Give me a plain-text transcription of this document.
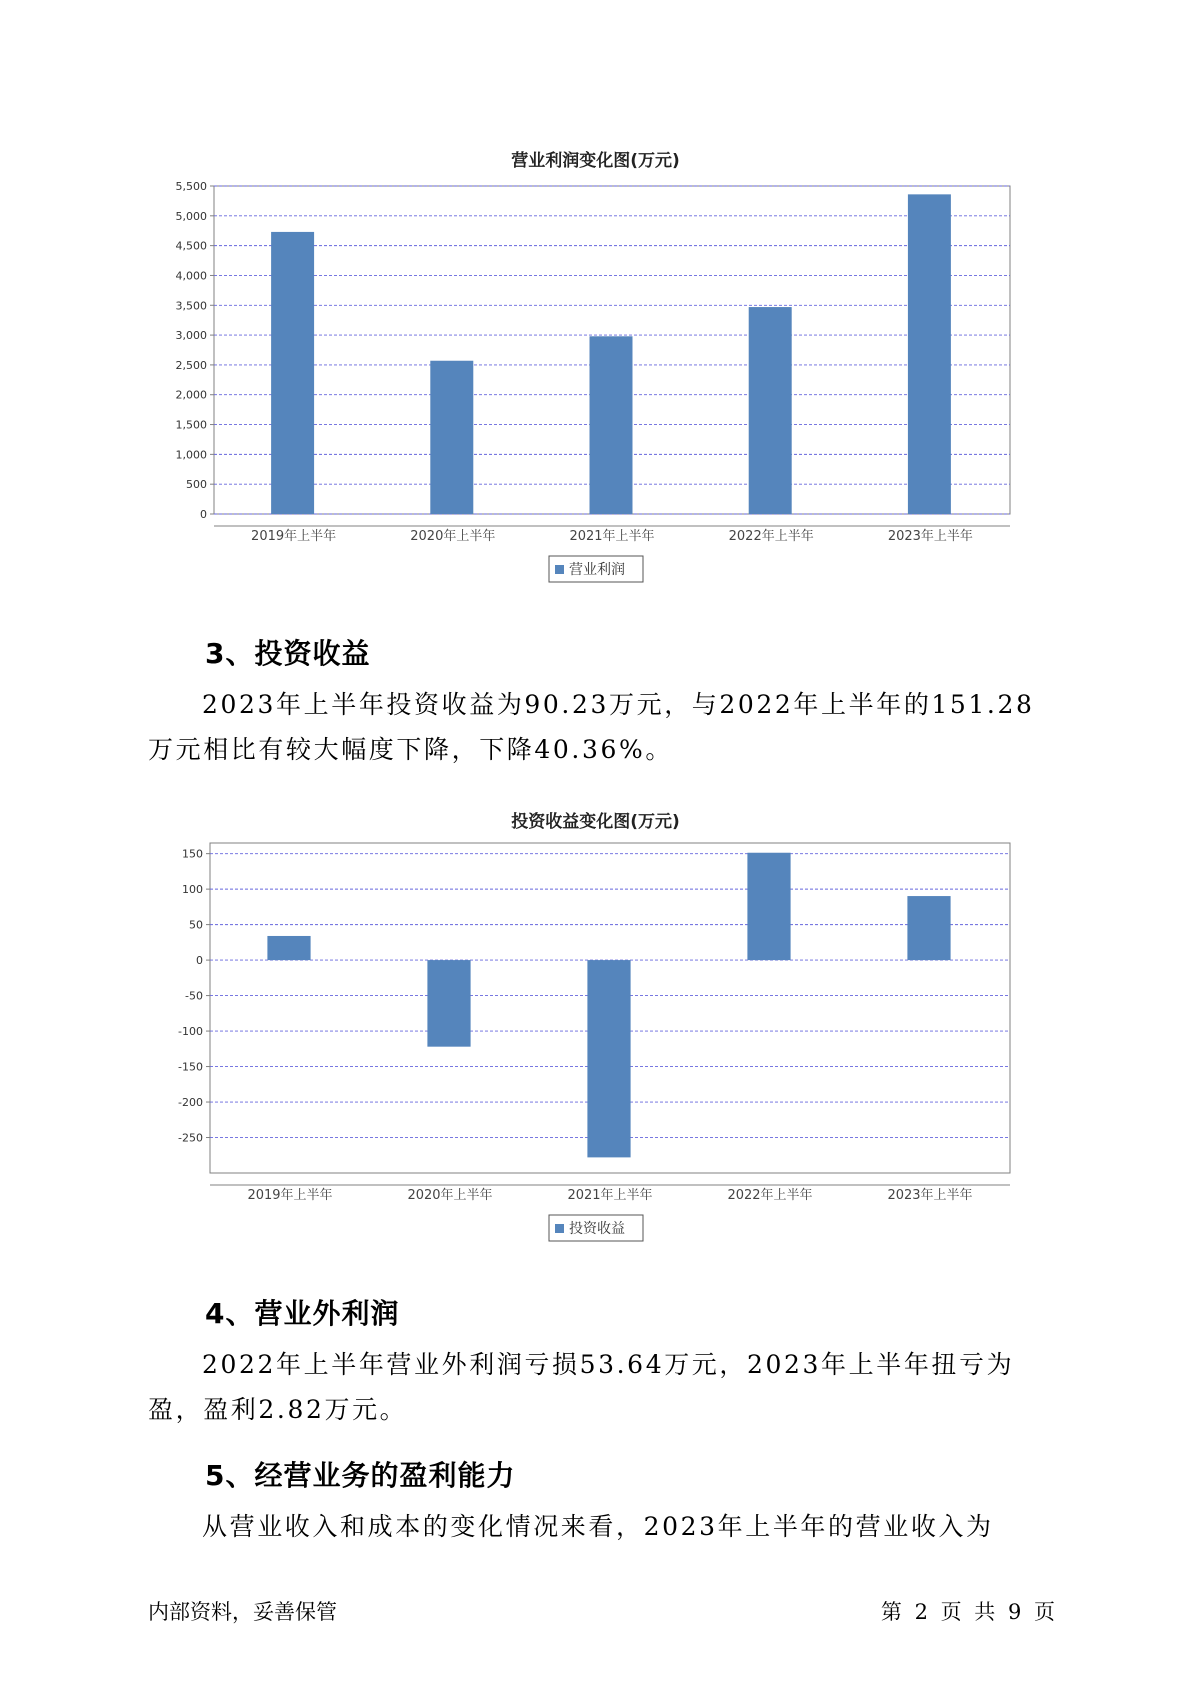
营业利润变化图(万元)
0
500
1,000
1,500
2,000
2,500
3,000
3,500
4,000
4,500
5,000
5,500
2019年上半年	2020年上半年	2021年上半年	2022年上半年	2023年上半年
营业利润
3、投资收益

2023年上半年投资收益为90.23万元，与2022年上半年的151.28万元相比有较大幅度下降，下降40.36%。

投资收益变化图(万元)
150
100
50
0
-50
-100
-150
-200
-250
2019年上半年	2020年上半年	2021年上半年	2022年上半年	2023年上半年
投资收益
4、营业外利润

2022年上半年营业外利润亏损53.64万元，2023年上半年扭亏为盈，盈利2.82万元。

5、经营业务的盈利能力

从营业收入和成本的变化情况来看，2023年上半年的营业收入为

内部资料，妥善保管	第 2 页 共 9 页
